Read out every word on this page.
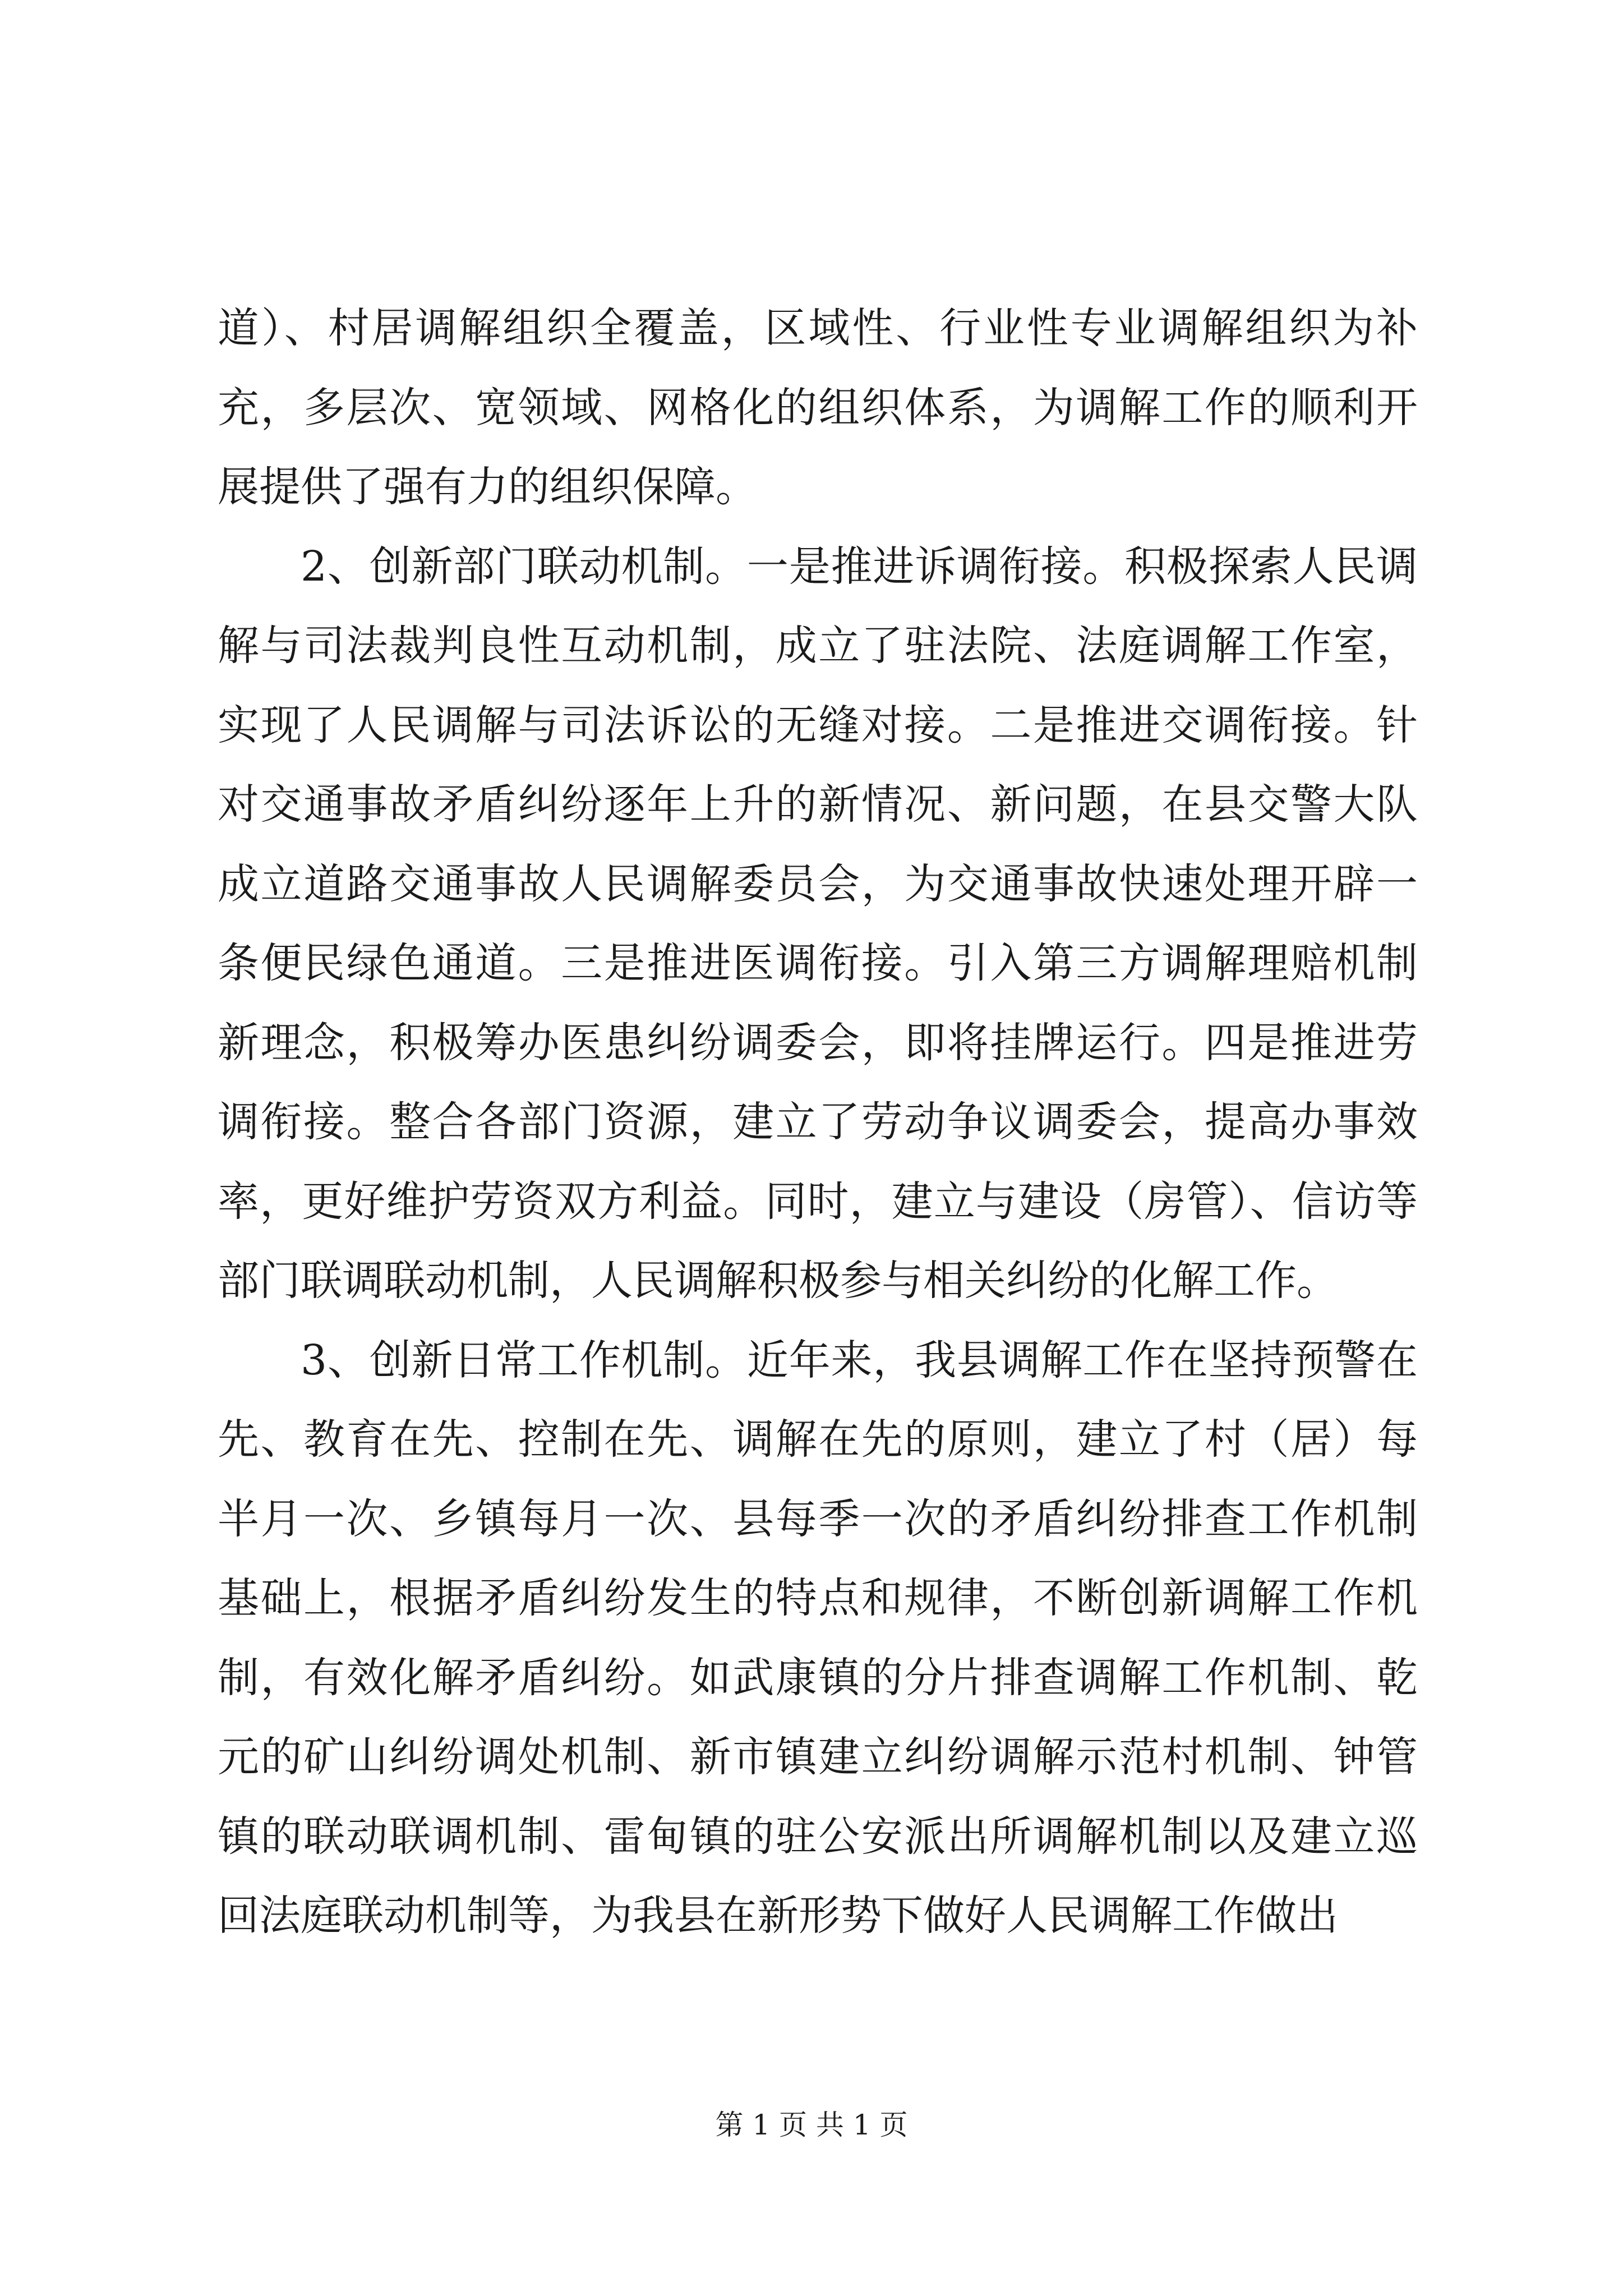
道）、村居调解组织全覆盖，区域性、行业性专业调解组织为补充，多层次、宽领域、网格化的组织体系，为调解工作的顺利开展提供了强有力的组织保障。

2、创新部门联动机制。一是推进诉调衔接。积极探索人民调解与司法裁判良性互动机制，成立了驻法院、法庭调解工作室，实现了人民调解与司法诉讼的无缝对接。二是推进交调衔接。针对交通事故矛盾纠纷逐年上升的新情况、新问题，在县交警大队成立道路交通事故人民调解委员会，为交通事故快速处理开辟一条便民绿色通道。三是推进医调衔接。引入第三方调解理赔机制新理念，积极筹办医患纠纷调委会，即将挂牌运行。四是推进劳调衔接。整合各部门资源，建立了劳动争议调委会，提高办事效率，更好维护劳资双方利益。同时，建立与建设（房管）、信访等部门联调联动机制，人民调解积极参与相关纠纷的化解工作。

3、创新日常工作机制。近年来，我县调解工作在坚持预警在先、教育在先、控制在先、调解在先的原则，建立了村（居）每半月一次、乡镇每月一次、县每季一次的矛盾纠纷排查工作机制基础上，根据矛盾纠纷发生的特点和规律，不断创新调解工作机制，有效化解矛盾纠纷。如武康镇的分片排查调解工作机制、乾元的矿山纠纷调处机制、新市镇建立纠纷调解示范村机制、钟管镇的联动联调机制、雷甸镇的驻公安派出所调解机制以及建立巡回法庭联动机制等，为我县在新形势下做好人民调解工作做出

第 1 页 共 1 页
